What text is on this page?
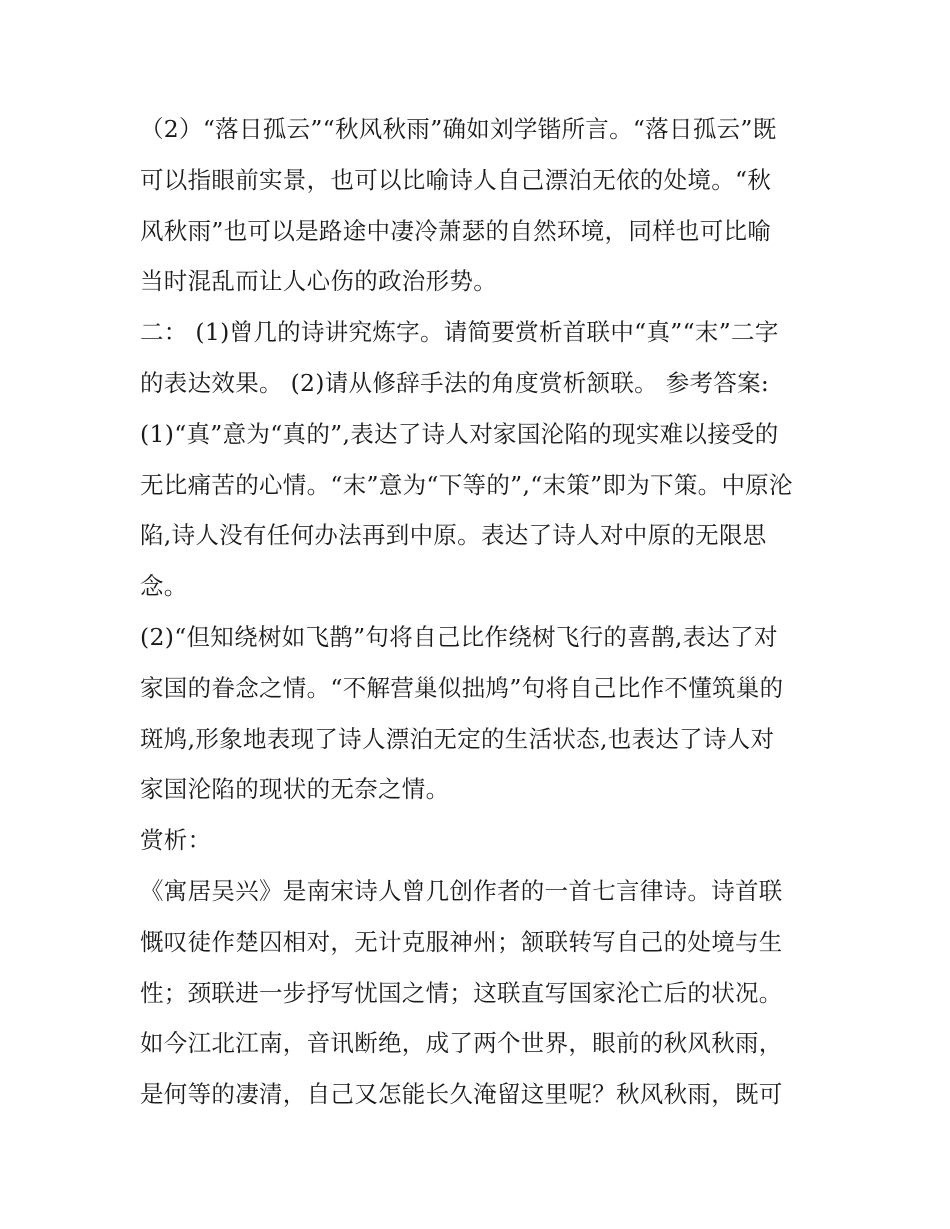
（2）“落日孤云”“秋风秋雨”确如刘学锴所言。“落日孤云”既
可以指眼前实景，也可以比喻诗人自己漂泊无依的处境。“秋
风秋雨”也可以是路途中凄冷萧瑟的自然环境，同样也可比喻
当时混乱而让人心伤的政治形势。
二： (1)曾几的诗讲究炼字。请简要赏析首联中“真”“末”二字
的表达效果。 (2)请从修辞手法的角度赏析颔联。 参考答案:
(1)“真”意为“真的”,表达了诗人对家国沦陷的现实难以接受的
无比痛苦的心情。“末”意为“下等的”,“末策”即为下策。中原沦
陷,诗人没有任何办法再到中原。表达了诗人对中原的无限思
念。
(2)“但知绕树如飞鹊”句将自己比作绕树飞行的喜鹊,表达了对
家国的眷念之情。“不解营巢似拙鸠”句将自己比作不懂筑巢的
斑鸠,形象地表现了诗人漂泊无定的生活状态,也表达了诗人对
家国沦陷的现状的无奈之情。
赏析：
《寓居吴兴》是南宋诗人曾几创作者的一首七言律诗。诗首联
慨叹徒作楚囚相对，无计克服神州；颔联转写自己的处境与生
性；颈联进一步抒写忧国之情；这联直写国家沦亡后的状况。
如今江北江南，音讯断绝，成了两个世界，眼前的秋风秋雨，
是何等的凄清，自己又怎能长久淹留这里呢？秋风秋雨，既可
